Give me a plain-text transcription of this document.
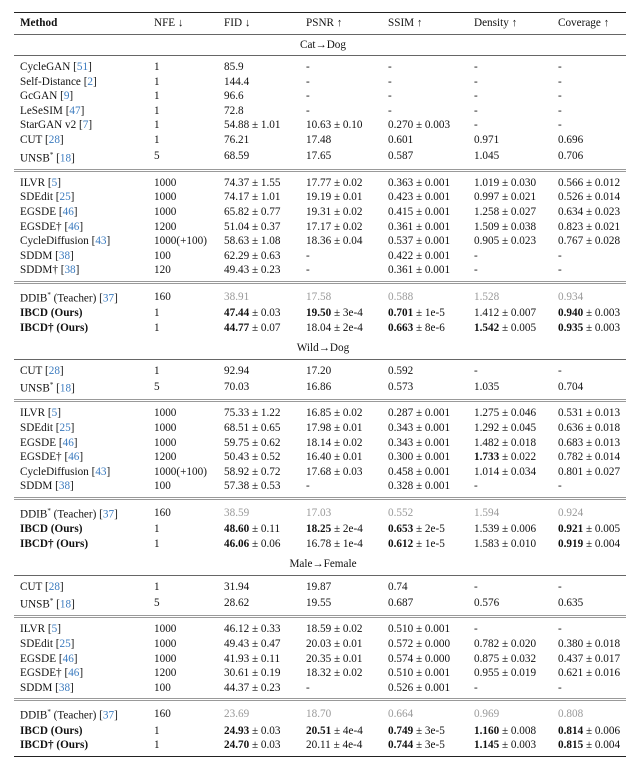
Method	NFE ↓	FID ↓	PSNR ↑	SSIM ↑	Density ↑	Coverage ↑
Cat→Dog						
CycleGAN [51]	1	85.9	-	-	-	-
Self-Distance [2]	1	144.4	-	-	-	-
GcGAN [9]	1	96.6	-	-	-	-
LeSeSIM [47]	1	72.8	-	-	-	-
StarGAN v2 [7]	1	54.88 ± 1.01	10.63 ± 0.10	0.270 ± 0.003	-	-
CUT [28]	1	76.21	17.48	0.601	0.971	0.696
UNSB* [18]	5	68.59	17.65	0.587	1.045	0.706
ILVR [5]	1000	74.37 ± 1.55	17.77 ± 0.02	0.363 ± 0.001	1.019 ± 0.030	0.566 ± 0.012
SDEdit [25]	1000	74.17 ± 1.01	19.19 ± 0.01	0.423 ± 0.001	0.997 ± 0.021	0.526 ± 0.014
EGSDE [46]	1000	65.82 ± 0.77	19.31 ± 0.02	0.415 ± 0.001	1.258 ± 0.027	0.634 ± 0.023
EGSDE† [46]	1200	51.04 ± 0.37	17.17 ± 0.02	0.361 ± 0.001	1.509 ± 0.038	0.823 ± 0.021
CycleDiffusion [43]	1000(+100)	58.63 ± 1.08	18.36 ± 0.04	0.537 ± 0.001	0.905 ± 0.023	0.767 ± 0.028
SDDM [38]	100	62.29 ± 0.63	-	0.422 ± 0.001	-	-
SDDM† [38]	120	49.43 ± 0.23	-	0.361 ± 0.001	-	-
DDIB* (Teacher) [37]	160	38.91	17.58	0.588	1.528	0.934
IBCD (Ours)	1	47.44 ± 0.03	19.50 ± 3e-4	0.701 ± 1e-5	1.412 ± 0.007	0.940 ± 0.003
IBCD† (Ours)	1	44.77 ± 0.07	18.04 ± 2e-4	0.663 ± 8e-6	1.542 ± 0.005	0.935 ± 0.003
Wild→Dog						
CUT [28]	1	92.94	17.20	0.592	-	-
UNSB* [18]	5	70.03	16.86	0.573	1.035	0.704
ILVR [5]	1000	75.33 ± 1.22	16.85 ± 0.02	0.287 ± 0.001	1.275 ± 0.046	0.531 ± 0.013
SDEdit [25]	1000	68.51 ± 0.65	17.98 ± 0.01	0.343 ± 0.001	1.292 ± 0.045	0.636 ± 0.018
EGSDE [46]	1000	59.75 ± 0.62	18.14 ± 0.02	0.343 ± 0.001	1.482 ± 0.018	0.683 ± 0.013
EGSDE† [46]	1200	50.43 ± 0.52	16.40 ± 0.01	0.300 ± 0.001	1.733 ± 0.022	0.782 ± 0.014
CycleDiffusion [43]	1000(+100)	58.92 ± 0.72	17.68 ± 0.03	0.458 ± 0.001	1.014 ± 0.034	0.801 ± 0.027
SDDM [38]	100	57.38 ± 0.53	-	0.328 ± 0.001	-	-
DDIB* (Teacher) [37]	160	38.59	17.03	0.552	1.594	0.924
IBCD (Ours)	1	48.60 ± 0.11	18.25 ± 2e-4	0.653 ± 2e-5	1.539 ± 0.006	0.921 ± 0.005
IBCD† (Ours)	1	46.06 ± 0.06	16.78 ± 1e-4	0.612 ± 1e-5	1.583 ± 0.010	0.919 ± 0.004
Male→Female						
CUT [28]	1	31.94	19.87	0.74	-	-
UNSB* [18]	5	28.62	19.55	0.687	0.576	0.635
ILVR [5]	1000	46.12 ± 0.33	18.59 ± 0.02	0.510 ± 0.001	-	-
SDEdit [25]	1000	49.43 ± 0.47	20.03 ± 0.01	0.572 ± 0.000	0.782 ± 0.020	0.380 ± 0.018
EGSDE [46]	1000	41.93 ± 0.11	20.35 ± 0.01	0.574 ± 0.000	0.875 ± 0.032	0.437 ± 0.017
EGSDE† [46]	1200	30.61 ± 0.19	18.32 ± 0.02	0.510 ± 0.001	0.955 ± 0.019	0.621 ± 0.016
SDDM [38]	100	44.37 ± 0.23	-	0.526 ± 0.001	-	-
DDIB* (Teacher) [37]	160	23.69	18.70	0.664	0.969	0.808
IBCD (Ours)	1	24.93 ± 0.03	20.51 ± 4e-4	0.749 ± 3e-5	1.160 ± 0.008	0.814 ± 0.006
IBCD† (Ours)	1	24.70 ± 0.03	20.11 ± 4e-4	0.744 ± 3e-5	1.145 ± 0.003	0.815 ± 0.004
